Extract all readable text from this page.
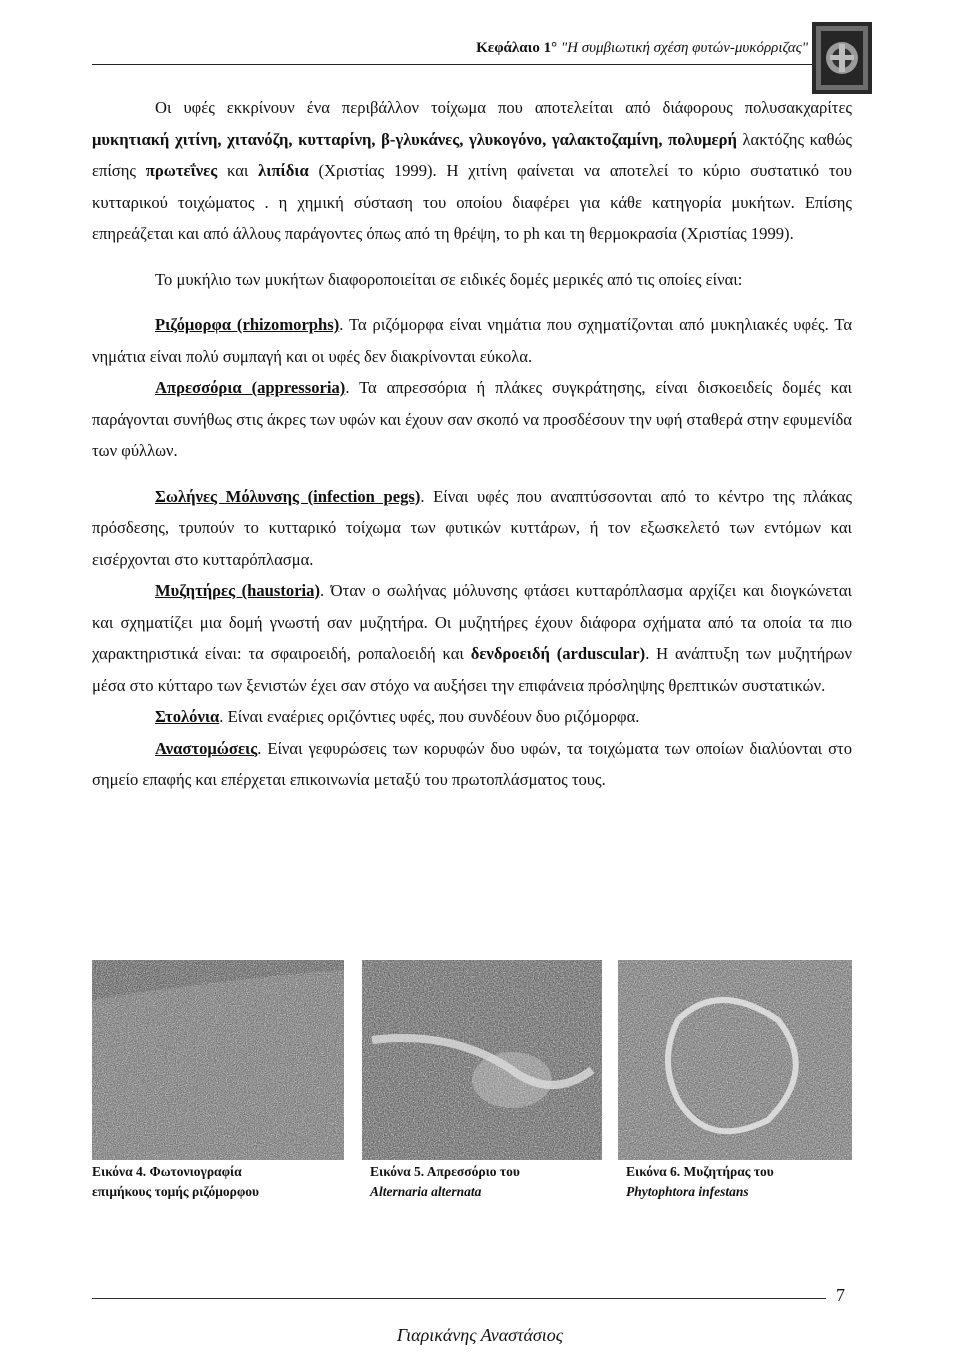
Κεφάλαιο 1° "Η συμβιωτική σχέση φυτών-μυκόρριζας"

Οι υφές εκκρίνουν ένα περιβάλλον τοίχωμα που αποτελείται από διάφορους πολυσακχαρίτες μυκητιακή χιτίνη, χιτανόζη, κυτταρίνη, β-γλυκάνες, γλυκογόνο, γαλακτοζαμίνη, πολυμερή λακτόζης καθώς επίσης πρωτεΐνες και λιπίδια (Χριστίας 1999). Η χιτίνη φαίνεται να αποτελεί το κύριο συστατικό του κυτταρικού τοιχώματος . η χημική σύσταση του οποίου διαφέρει για κάθε κατηγορία μυκήτων. Επίσης επηρεάζεται και από άλλους παράγοντες όπως από τη θρέψη, το ph και τη θερμοκρασία (Χριστίας 1999).

Το μυκήλιο των μυκήτων διαφοροποιείται σε ειδικές δομές μερικές από τις οποίες είναι:

Ριζόμορφα (rhizomorphs). Τα ριζόμορφα είναι νημάτια που σχηματίζονται από μυκηλιακές υφές. Τα νημάτια είναι πολύ συμπαγή και οι υφές δεν διακρίνονται εύκολα.

Απρεσσόρια (appressoria). Τα απρεσσόρια ή πλάκες συγκράτησης, είναι δισκοειδείς δομές και παράγονται συνήθως στις άκρες των υφών και έχουν σαν σκοπό να προσδέσουν την υφή σταθερά στην εφυμενίδα των φύλλων.

Σωλήνες Μόλυνσης (infection pegs). Είναι υφές που αναπτύσσονται από το κέντρο της πλάκας πρόσδεσης, τρυπούν το κυτταρικό τοίχωμα των φυτικών κυττάρων, ή τον εξωσκελετό των εντόμων και εισέρχονται στο κυτταρόπλασμα.

Μυζητήρες (haustoria). Όταν ο σωλήνας μόλυνσης φτάσει κυτταρόπλασμα αρχίζει και διογκώνεται και σχηματίζει μια δομή γνωστή σαν μυζητήρα. Οι μυζητήρες έχουν διάφορα σχήματα από τα οποία τα πιο χαρακτηριστικά είναι: τα σφαιροειδή, ροπαλοειδή και δενδροειδή (arduscular). Η ανάπτυξη των μυζητήρων μέσα στο κύτταρο των ξενιστών έχει σαν στόχο να αυξήσει την επιφάνεια πρόσληψης θρεπτικών συστατικών.

Στολόνια. Είναι εναέριες οριζόντιες υφές, που συνδέουν δυο ριζόμορφα.

Αναστομώσεις. Είναι γεφυρώσεις των κορυφών δυο υφών, τα τοιχώματα των οποίων διαλύονται στο σημείο επαφής και επέρχεται επικοινωνία μεταξύ του πρωτοπλάσματος τους.

Εικόνα 4. Φωτονιογραφία
επιμήκους τομής ριζόμορφου
Εικόνα 5. Απρεσσόριο του
Alternaria alternata
Εικόνα 6. Μυζητήρας του
Phytophtora infestans
7
Γιαρικάνης Αναστάσιος
